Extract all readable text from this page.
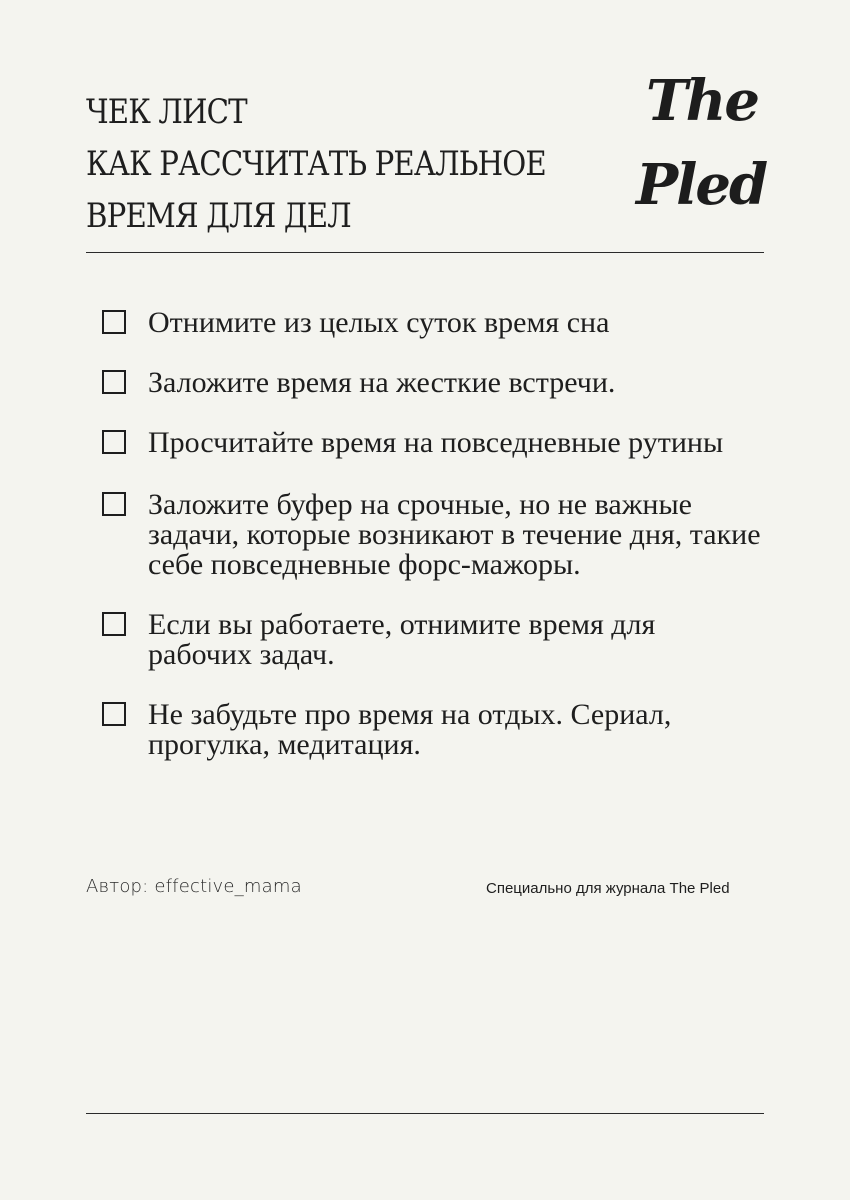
ЧЕК ЛИСТ
КАК РАССЧИТАТЬ РЕАЛЬНОЕ
ВРЕМЯ ДЛЯ ДЕЛ
The
Pled
Отнимите из целых суток время сна
Заложите время на жесткие встречи.
Просчитайте время на повседневные рутины
Заложите буфер на срочные, но не важные задачи, которые возникают в течение дня, такие себе повседневные форс-мажоры.
Если вы работаете, отнимите время для рабочих задач.
Не забудьте про время на отдых. Сериал, прогулка, медитация.
Автор: effective_mama	Специально для журнала The Pled
